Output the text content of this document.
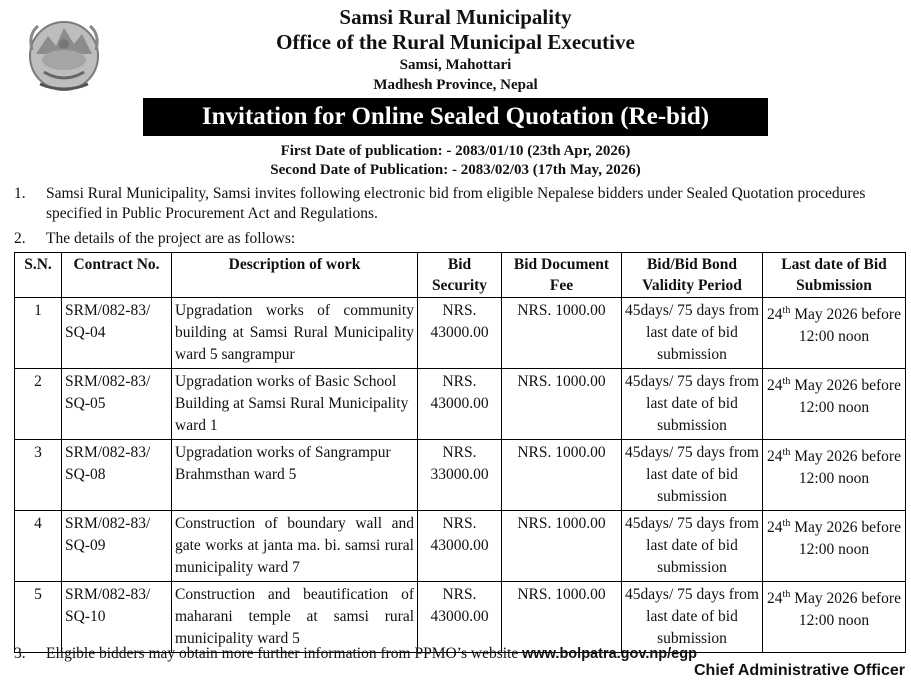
Samsi Rural Municipality
Office of the Rural Municipal Executive
Samsi, Mahottari
Madhesh Province, Nepal
Invitation for Online Sealed Quotation (Re-bid)
First Date of publication: - 2083/01/10 (23th Apr, 2026)
Second Date of Publication: - 2083/02/03 (17th May, 2026)
1. Samsi Rural Municipality, Samsi invites following electronic bid from eligible Nepalese bidders under Sealed Quotation procedures specified in Public Procurement Act and Regulations.
2. The details of the project are as follows:
S.N.	Contract No.	Description of work	Bid Security	Bid Document Fee	Bid/Bid Bond Validity Period	Last date of Bid Submission
1	SRM/082-83/ SQ-04	Upgradation works of community building at Samsi Rural Municipality ward 5 sangrampur	NRS. 43000.00	NRS. 1000.00	45days/ 75 days from last date of bid submission	24th May 2026 before 12:00 noon
2	SRM/082-83/ SQ-05	Upgradation works of Basic School Building at Samsi Rural Municipality ward 1	NRS. 43000.00	NRS. 1000.00	45days/ 75 days from last date of bid submission	24th May 2026 before 12:00 noon
3	SRM/082-83/ SQ-08	Upgradation works of Sangrampur Brahmsthan ward 5	NRS. 33000.00	NRS. 1000.00	45days/ 75 days from last date of bid submission	24th May 2026 before 12:00 noon
4	SRM/082-83/ SQ-09	Construction of boundary wall and gate works at janta ma. bi. samsi rural municipality ward 7	NRS. 43000.00	NRS. 1000.00	45days/ 75 days from last date of bid submission	24th May 2026 before 12:00 noon
5	SRM/082-83/ SQ-10	Construction and beautification of maharani temple at samsi rural municipality ward 5	NRS. 43000.00	NRS. 1000.00	45days/ 75 days from last date of bid submission	24th May 2026 before 12:00 noon
3. Eligible bidders may obtain more further information from PPMO’s website www.bolpatra.gov.np/egp
Chief Administrative Officer
